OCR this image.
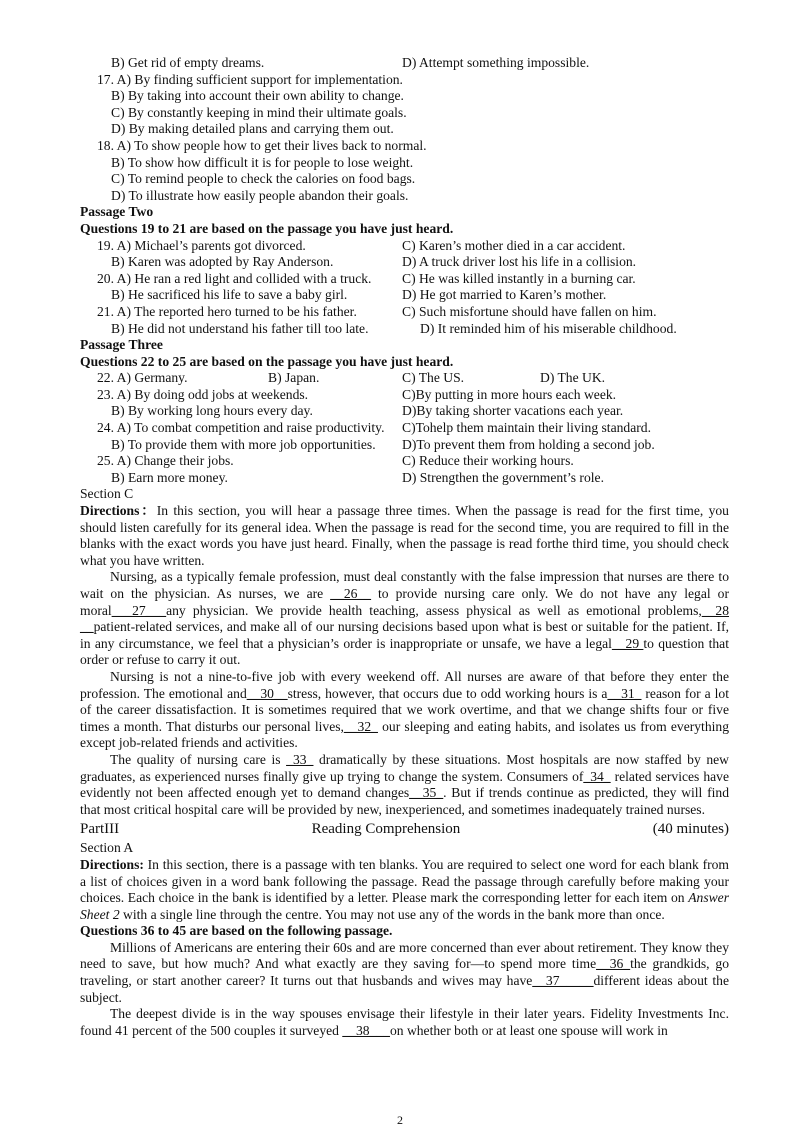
B) Get rid of empty dreams.	D) Attempt something impossible.
17. A) By finding sufficient support for implementation.
B) By taking into account their own ability to change.
C) By constantly keeping in mind their ultimate goals.
D) By making detailed plans and carrying them out.
18. A) To show people how to get their lives back to normal.
B) To show how difficult it is for people to lose weight.
C) To remind people to check the calories on food bags.
D) To illustrate how easily people abandon their goals.
Passage Two
Questions 19 to 21 are based on the passage you have just heard.
19. A) Michael’s parents got divorced.	C) Karen’s mother died in a car accident.
B) Karen was adopted by Ray Anderson.	D) A truck driver lost his life in a collision.
20. A) He ran a red light and collided with a truck. C) He was killed instantly in a burning car.
B) He sacrificed his life to save a baby girl.	D) He got married to Karen’s mother.
21. A) The reported hero turned to be his father.	C) Such misfortune should have fallen on him.
B) He did not understand his father till too late.	D) It reminded him of his miserable childhood.
Passage Three
Questions 22 to 25 are based on the passage you have just heard.
22. A) Germany.	B) Japan.	C) The US.	D) The UK.
23. A) By doing odd jobs at weekends.	C)By putting in more hours each week.
B) By working long hours every day.	D)By taking shorter vacations each year.
24. A) To combat competition and raise productivity. C)Tohelp them maintain their living standard.
B) To provide them with more job opportunities. D)To prevent them from holding a second job.
25. A) Change their jobs.	C) Reduce their working hours.
B) Earn more money.	D) Strengthen the government’s role.
Section C

Directions：In this section, you will hear a passage three times. When the passage is read for the first time, you should listen carefully for its general idea. When the passage is read for the second time, you are required to fill in the blanks with the exact words you have just heard. Finally, when the passage is read forthe third time, you should check what you have written.

Nursing, as a typically female profession, must deal constantly with the false impression that nurses are there to wait on the physician. As nurses, we are __26__ to provide nursing care only. We do not have any legal or moral___27___any physician. We provide health teaching, assess physical as well as emotional problems,__28 __patient-related services, and make all of our nursing decisions based upon what is best or suitable for the patient. If, in any circumstance, we feel that a physician’s order is inappropriate or unsafe, we have a legal__29 to question that order or refuse to carry it out.

Nursing is not a nine-to-five job with every weekend off. All nurses are aware of that before they enter the profession. The emotional and__30__stress, however, that occurs due to odd working hours is a__31_ reason for a lot of the career dissatisfaction. It is sometimes required that we work overtime, and that we change shifts four or five times a month. That disturbs our personal lives,__32_ our sleeping and eating habits, and isolates us from everything except job-related friends and activities.

The quality of nursing care is _33_ dramatically by these situations. Most hospitals are now staffed by new graduates, as experienced nurses finally give up trying to change the system. Consumers of_34_ related services have evidently not been affected enough yet to demand changes__35_. But if trends continue as predicted, they will find that most critical hospital care will be provided by new, inexperienced, and sometimes inadequately trained nurses.

PartIII	Reading Comprehension	(40 minutes)
Section A

Directions: In this section, there is a passage with ten blanks. You are required to select one word for each blank from a list of choices given in a word bank following the passage. Read the passage through carefully before making your choices. Each choice in the bank is identified by a letter. Please mark the corresponding letter for each item on Answer Sheet 2 with a single line through the centre. You may not use any of the words in the bank more than once.

Questions 36 to 45 are based on the following passage.

Millions of Americans are entering their 60s and are more concerned than ever about retirement. They know they need to save, but how much? And what exactly are they saving for—to spend more time__36_the grandkids, go traveling, or start another career? It turns out that husbands and wives may have__37_____different ideas about the subject.

The deepest divide is in the way spouses envisage their lifestyle in their later years. Fidelity Investments Inc. found 41 percent of the 500 couples it surveyed __38___on whether both or at least one spouse will work in

2
